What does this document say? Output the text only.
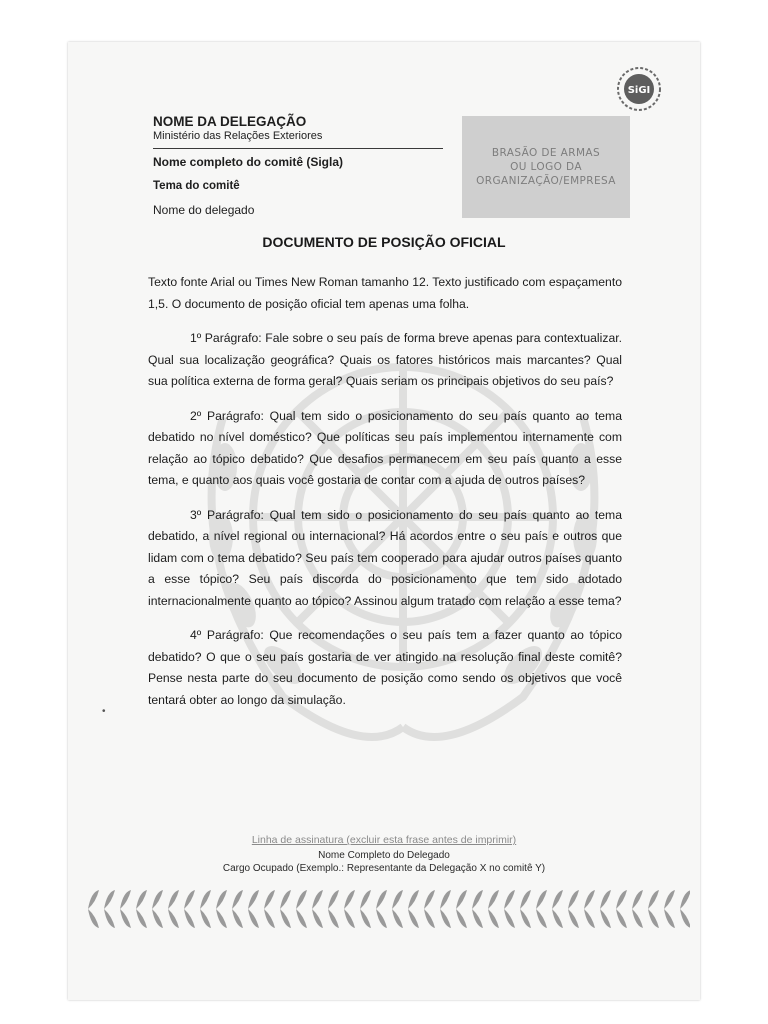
SiGI
NOME DA DELEGAÇÃO
Ministério das Relações Exteriores
Nome completo do comitê (Sigla)
Tema do comitê
Nome do delegado
BRASÃO DE ARMAS
OU LOGO DA
ORGANIZAÇÃO/EMPRESA
DOCUMENTO DE POSIÇÃO OFICIAL

Texto fonte Arial ou Times New Roman tamanho 12. Texto justificado com espaçamento 1,5. O documento de posição oficial tem apenas uma folha.

1º Parágrafo: Fale sobre o seu país de forma breve apenas para contextualizar. Qual sua localização geográfica? Quais os fatores históricos mais marcantes? Qual sua política externa de forma geral? Quais seriam os principais objetivos do seu país?

2º Parágrafo: Qual tem sido o posicionamento do seu país quanto ao tema debatido no nível doméstico? Que políticas seu país implementou internamente com relação ao tópico debatido? Que desafios permanecem em seu país quanto a esse tema, e quanto aos quais você gostaria de contar com a ajuda de outros países?

3º Parágrafo: Qual tem sido o posicionamento do seu país quanto ao tema debatido, a nível regional ou internacional? Há acordos entre o seu país e outros que lidam com o tema debatido? Seu país tem cooperado para ajudar outros países quanto a esse tópico? Seu país discorda do posicionamento que tem sido adotado internacionalmente quanto ao tópico? Assinou algum tratado com relação a esse tema?

4º Parágrafo: Que recomendações o seu país tem a fazer quanto ao tópico debatido? O que o seu país gostaria de ver atingido na resolução final deste comitê? Pense nesta parte do seu documento de posição como sendo os objetivos que você tentará obter ao longo da simulação.

Linha de assinatura (excluir esta frase antes de imprimir)
Nome Completo do Delegado
Cargo Ocupado (Exemplo.: Representante da Delegação X no comitê Y)
•
